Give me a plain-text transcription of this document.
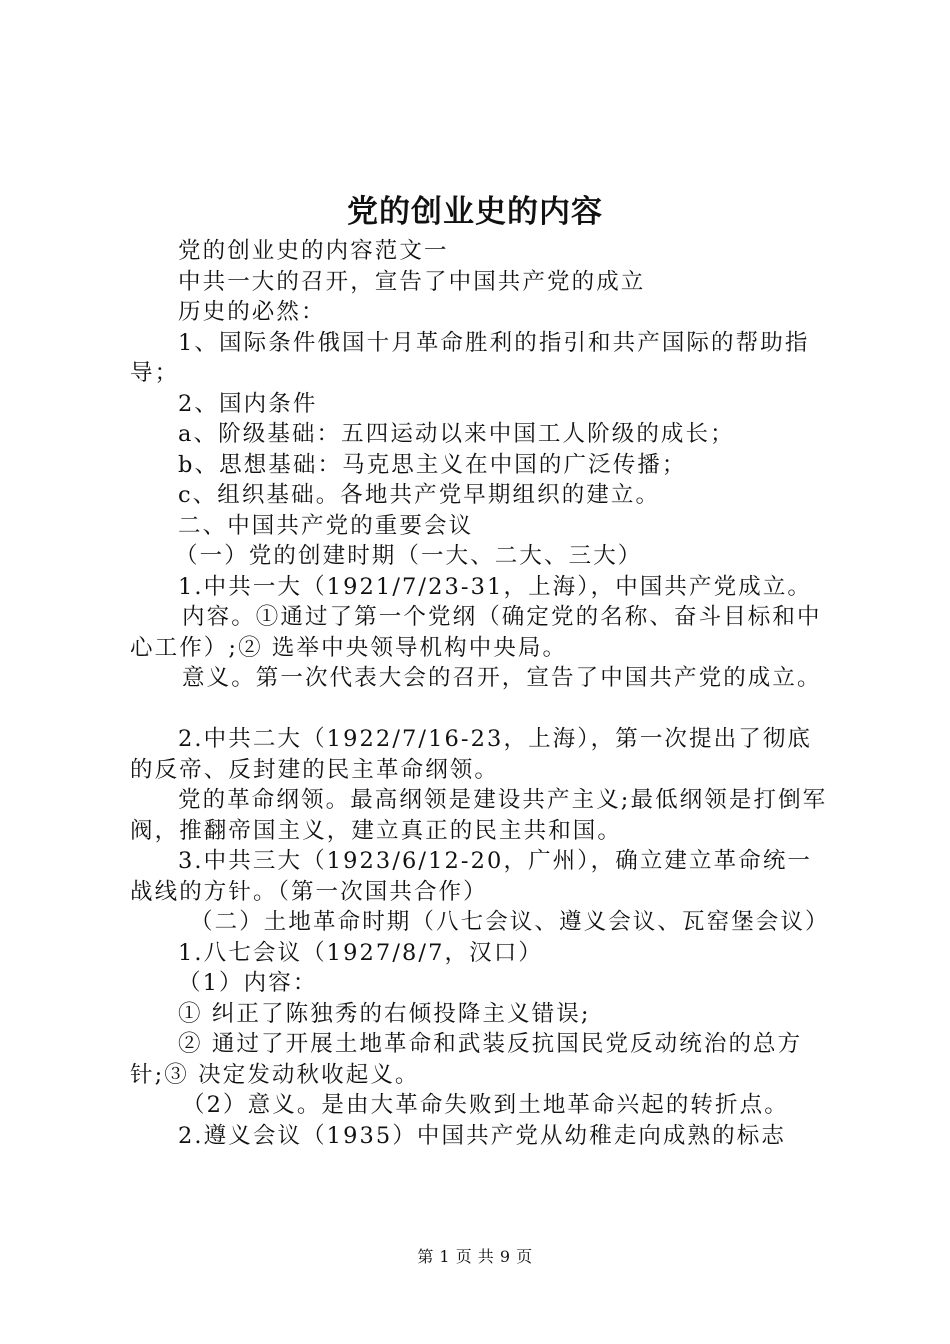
党的创业史的内容

党的创业史的内容范文一

中共一大的召开，宣告了中国共产党的成立

历史的必然：

1、国际条件俄国十月革命胜利的指引和共产国际的帮助指导；

2、国内条件

a、阶级基础：五四运动以来中国工人阶级的成长；

b、思想基础：马克思主义在中国的广泛传播；

c、组织基础。各地共产党早期组织的建立。

二、中国共产党的重要会议

（一）党的创建时期（一大、二大、三大）

1.中共一大（1921/7/23-31，上海），中国共产党成立。

内容。①通过了第一个党纲（确定党的名称、奋斗目标和中心工作）;② 选举中央领导机构中央局。

意义。第一次代表大会的召开，宣告了中国共产党的成立。

2.中共二大（1922/7/16-23，上海），第一次提出了彻底的反帝、反封建的民主革命纲领。

党的革命纲领。最高纲领是建设共产主义;最低纲领是打倒军阀，推翻帝国主义，建立真正的民主共和国。

3.中共三大（1923/6/12-20，广州），确立建立革命统一战线的方针。（第一次国共合作）

（二）土地革命时期（八七会议、遵义会议、瓦窑堡会议）

1.八七会议（1927/8/7，汉口）

（1）内容：

① 纠正了陈独秀的右倾投降主义错误;

② 通过了开展土地革命和武装反抗国民党反动统治的总方针;③ 决定发动秋收起义。

（2）意义。是由大革命失败到土地革命兴起的转折点。

2.遵义会议（1935）中国共产党从幼稚走向成熟的标志

第 1 页 共 9 页
